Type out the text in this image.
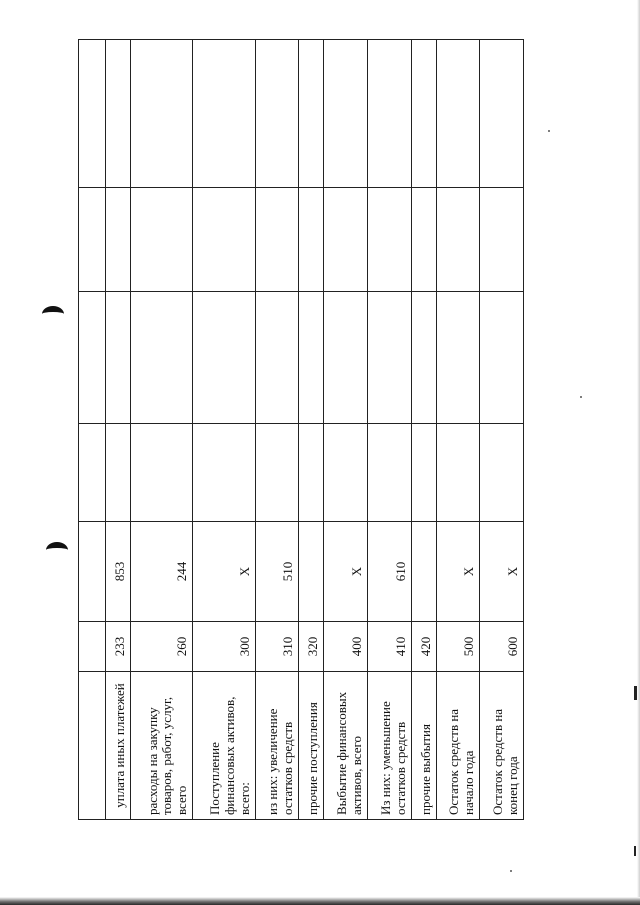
уплата иных платежей	233	853				
расходы на закупку товаров, работ, услуг, всего	260	244				
Поступление финансовых активов, всего:	300	Х				
из них: увеличение остатков средств	310	510				
прочие поступления	320					
Выбытие финансовых активов, всего	400	Х				
Из них: уменьшение остатков средств	410	610				
прочие выбытия	420					
Остаток средств на начало года	500	Х				
Остаток средств на конец года	600	Х				
